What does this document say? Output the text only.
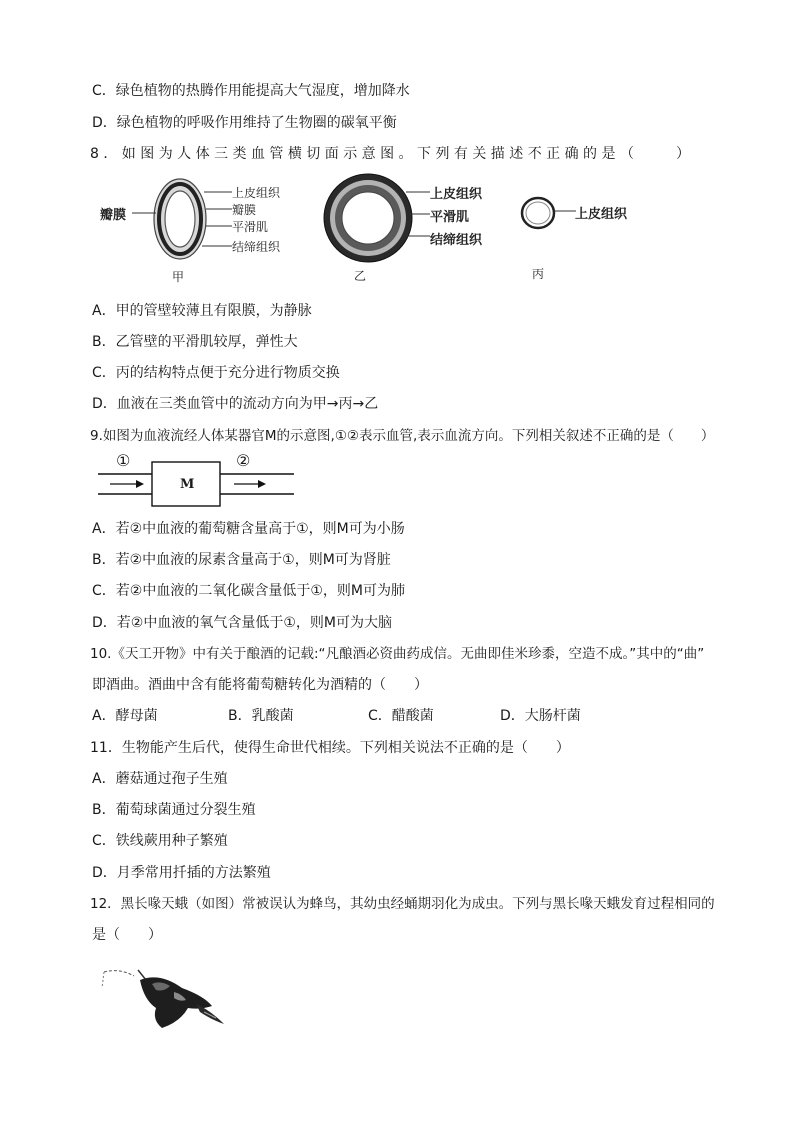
C．绿色植物的热腾作用能提高大气湿度，增加降水
D．绿色植物的呼吸作用维持了生物圈的碳氧平衡
8 ． 如 图 为 人 体 三 类 血 管 横 切 面 示 意 图 。 下 列 有 关 描 述 不 正 确 的 是 （　　　）
瓣膜
上皮组织
瓣膜
平滑肌
结缔组织
甲
上皮组织
平滑肌
结缔组织
乙
上皮组织
丙
A．甲的管壁较薄且有限膜，为静脉
B．乙管壁的平滑肌较厚，弹性大
C．丙的结构特点便于充分进行物质交换
D．血液在三类血管中的流动方向为甲→丙→乙
9.如图为血液流经人体某器官M的示意图,①②表示血管,表示血流方向。下列相关叙述不正确的是（　　）
①	②
M
A．若②中血液的葡萄糖含量高于①，则M可为小肠
B．若②中血液的尿素含量高于①，则M可为肾脏
C．若②中血液的二氧化碳含量低于①，则M可为肺
D．若②中血液的氧气含量低于①，则M可为大脑
10.《天工开物》中有关于酿酒的记载:“凡酿酒必资曲药成信。无曲即佳米珍黍，空造不成。”其中的“曲”
即酒曲。酒曲中含有能将葡萄糖转化为酒精的（　　）
A．酵母菌	B．乳酸菌	C．醋酸菌	D．大肠杆菌
11．生物能产生后代，使得生命世代相续。下列相关说法不正确的是（　　）
A．蘑菇通过孢子生殖
B．葡萄球菌通过分裂生殖
C．铁线蕨用种子繁殖
D．月季常用扦插的方法繁殖
12．黑长喙天蛾（如图）常被误认为蜂鸟，其幼虫经蛹期羽化为成虫。下列与黑长喙天蛾发育过程相同的
是（　　）
